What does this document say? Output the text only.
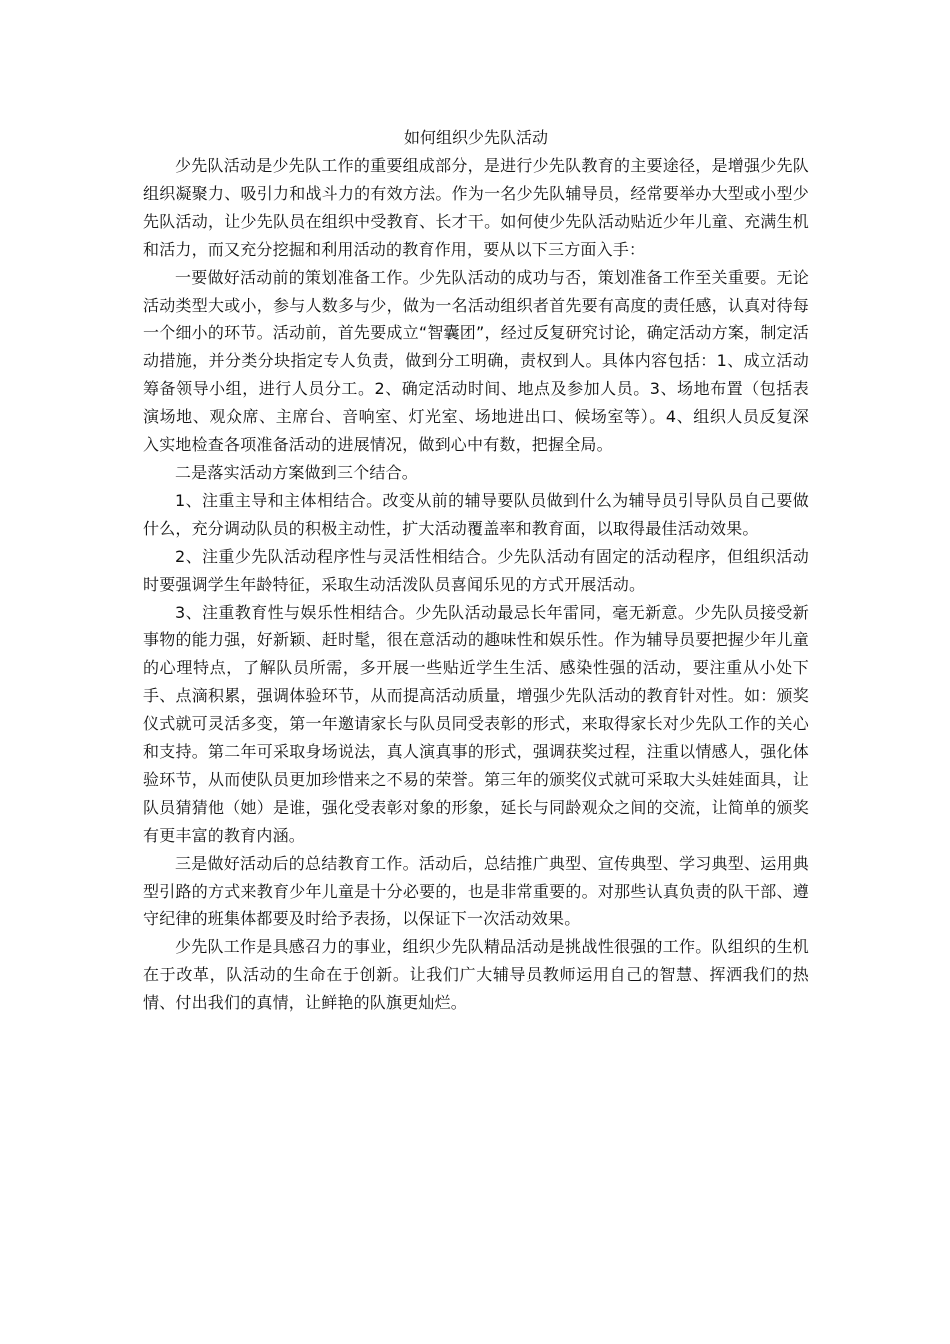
如何组织少先队活动

少先队活动是少先队工作的重要组成部分，是进行少先队教育的主要途径，是增强少先队组织凝聚力、吸引力和战斗力的有效方法。作为一名少先队辅导员，经常要举办大型或小型少先队活动，让少先队员在组织中受教育、长才干。如何使少先队活动贴近少年儿童、充满生机和活力，而又充分挖掘和利用活动的教育作用，要从以下三方面入手：

一要做好活动前的策划准备工作。少先队活动的成功与否，策划准备工作至关重要。无论活动类型大或小，参与人数多与少，做为一名活动组织者首先要有高度的责任感，认真对待每一个细小的环节。活动前，首先要成立“智囊团”，经过反复研究讨论，确定活动方案，制定活动措施，并分类分块指定专人负责，做到分工明确，责权到人。具体内容包括：1、成立活动筹备领导小组，进行人员分工。2、确定活动时间、地点及参加人员。3、场地布置（包括表演场地、观众席、主席台、音响室、灯光室、场地进出口、候场室等）。4、组织人员反复深入实地检查各项准备活动的进展情况，做到心中有数，把握全局。

二是落实活动方案做到三个结合。

1、注重主导和主体相结合。改变从前的辅导要队员做到什么为辅导员引导队员自己要做什么，充分调动队员的积极主动性，扩大活动覆盖率和教育面，以取得最佳活动效果。

2、注重少先队活动程序性与灵活性相结合。少先队活动有固定的活动程序，但组织活动时要强调学生年龄特征，采取生动活泼队员喜闻乐见的方式开展活动。

3、注重教育性与娱乐性相结合。少先队活动最忌长年雷同，毫无新意。少先队员接受新事物的能力强，好新颖、赶时髦，很在意活动的趣味性和娱乐性。作为辅导员要把握少年儿童的心理特点，了解队员所需，多开展一些贴近学生生活、感染性强的活动，要注重从小处下手、点滴积累，强调体验环节，从而提高活动质量，增强少先队活动的教育针对性。如：颁奖仪式就可灵活多变，第一年邀请家长与队员同受表彰的形式，来取得家长对少先队工作的关心和支持。第二年可采取身场说法，真人演真事的形式，强调获奖过程，注重以情感人，强化体验环节，从而使队员更加珍惜来之不易的荣誉。第三年的颁奖仪式就可采取大头娃娃面具，让队员猜猜他（她）是谁，强化受表彰对象的形象，延长与同龄观众之间的交流，让简单的颁奖有更丰富的教育内涵。

三是做好活动后的总结教育工作。活动后，总结推广典型、宣传典型、学习典型、运用典型引路的方式来教育少年儿童是十分必要的，也是非常重要的。对那些认真负责的队干部、遵守纪律的班集体都要及时给予表扬，以保证下一次活动效果。

少先队工作是具感召力的事业，组织少先队精品活动是挑战性很强的工作。队组织的生机在于改革，队活动的生命在于创新。让我们广大辅导员教师运用自己的智慧、挥洒我们的热情、付出我们的真情，让鲜艳的队旗更灿烂。
